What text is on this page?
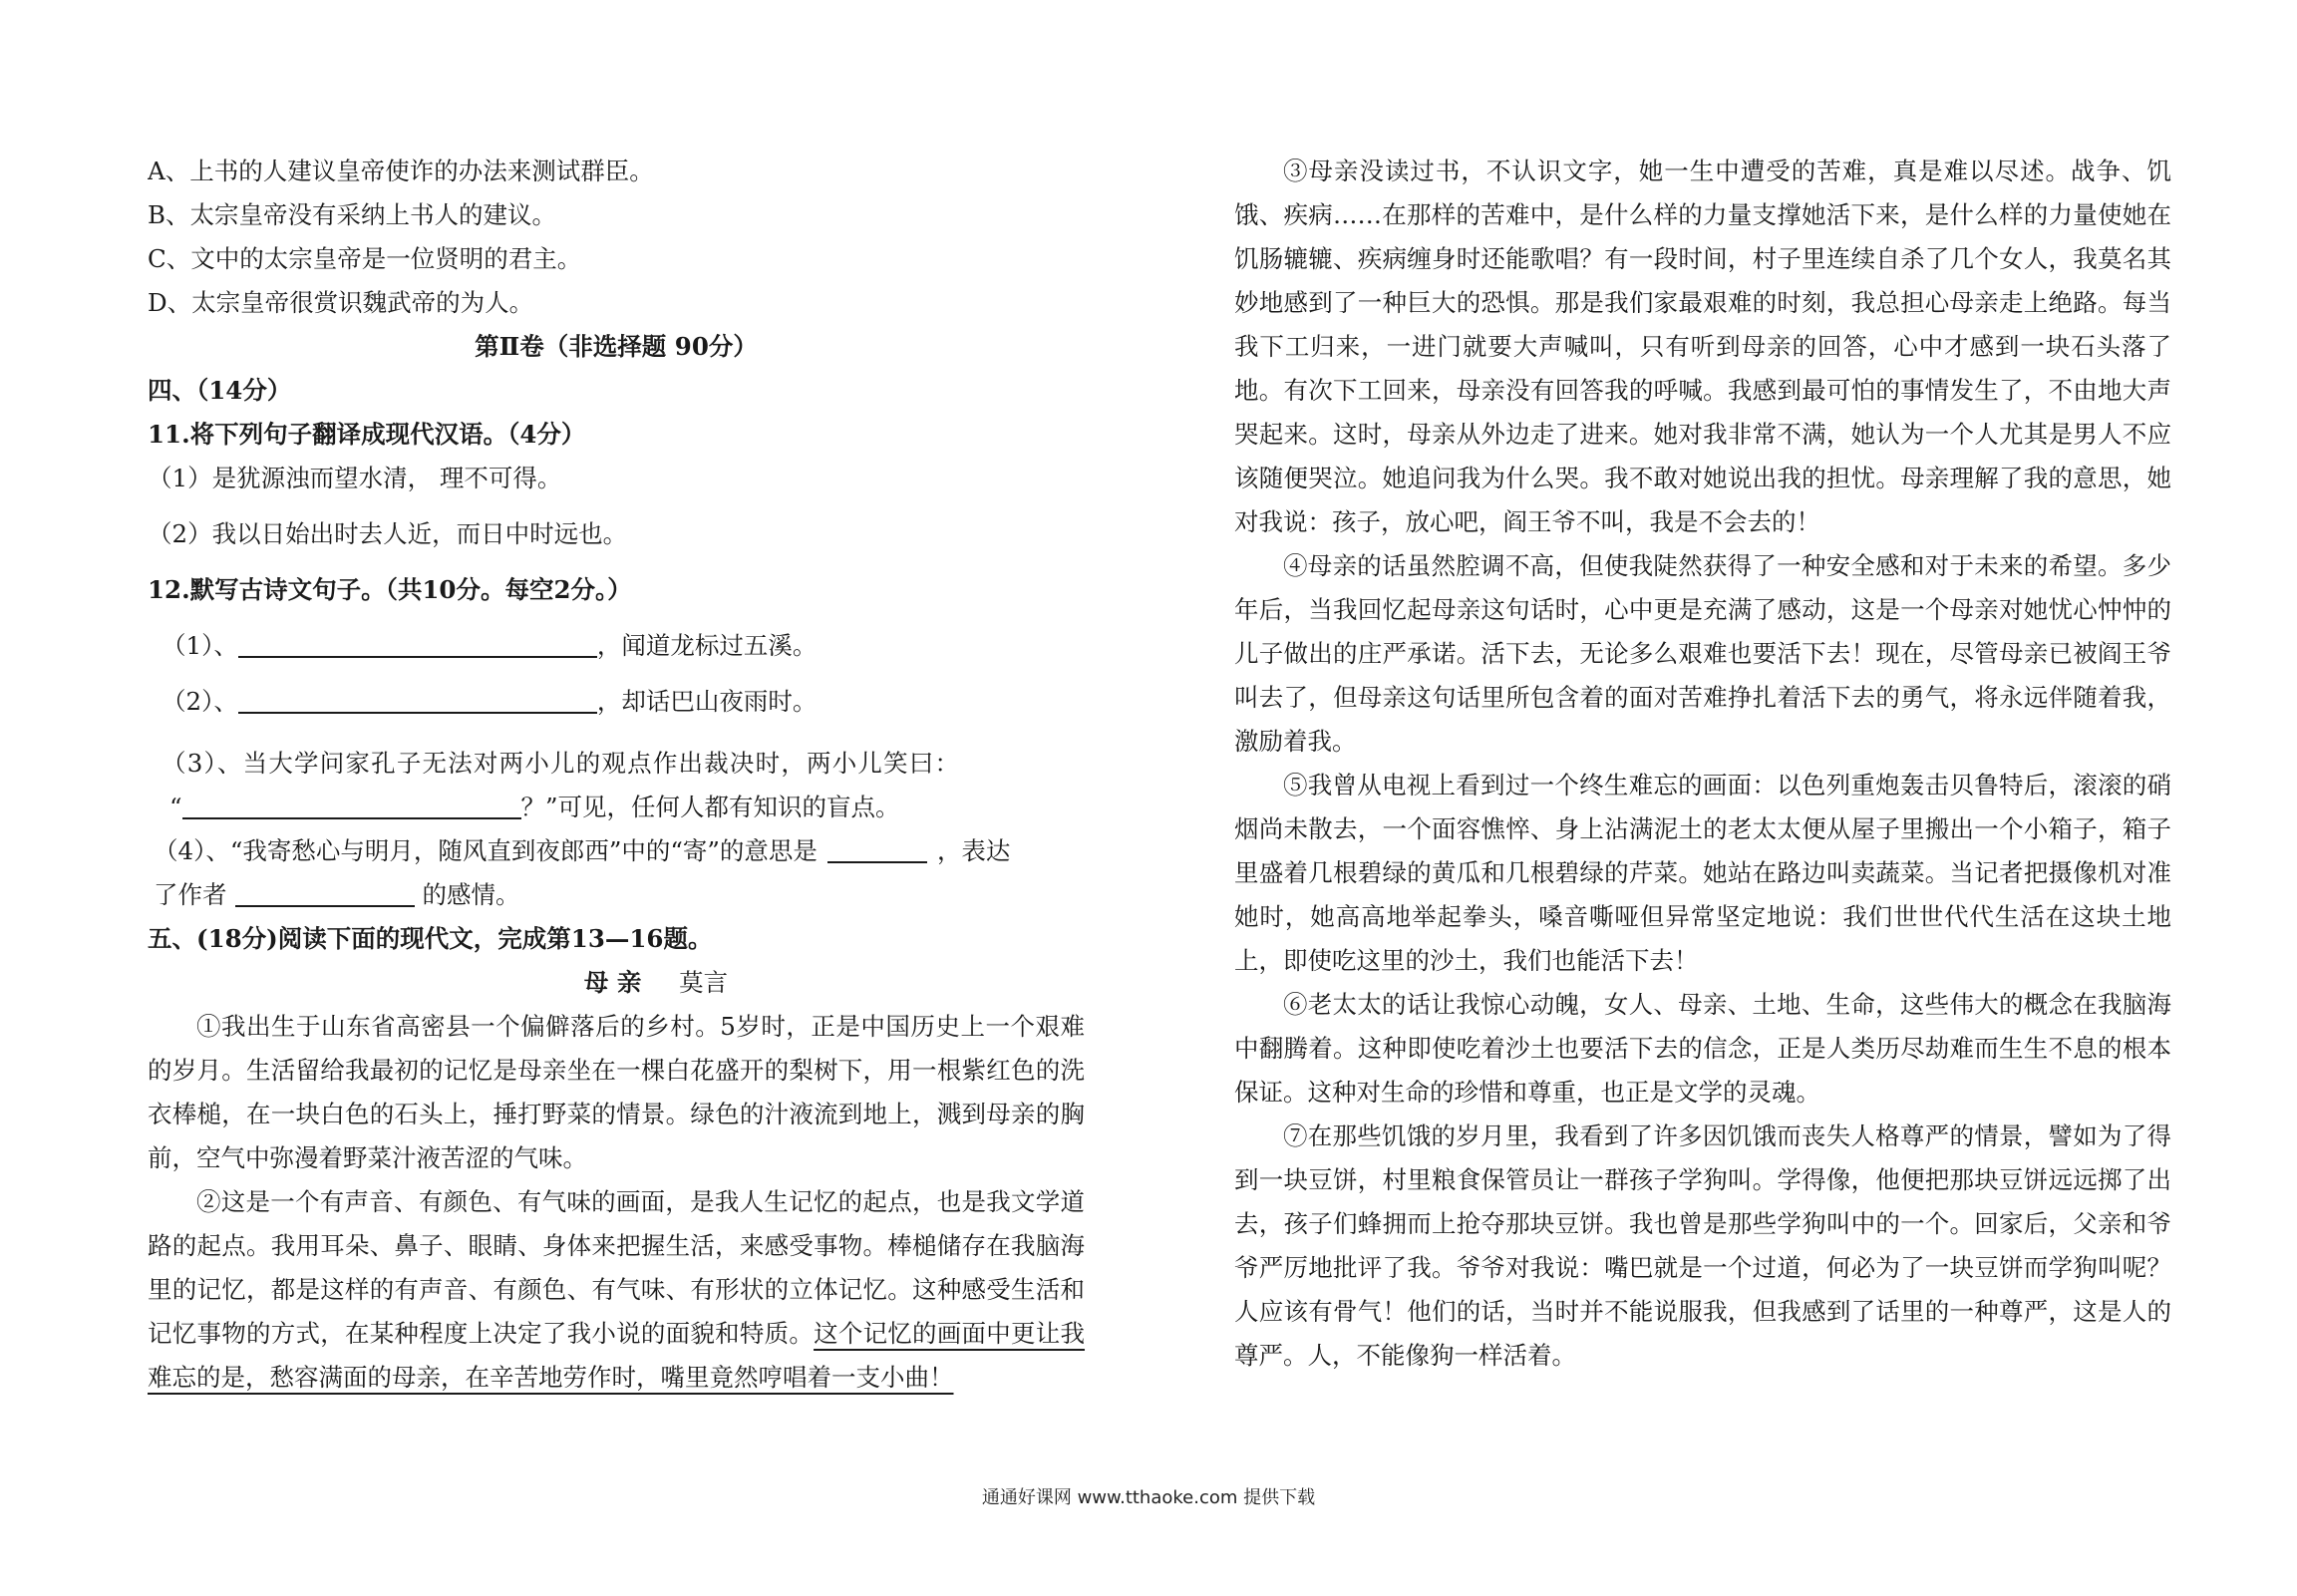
A、上书的人建议皇帝使诈的办法来测试群臣。
B、太宗皇帝没有采纳上书人的建议。
C、文中的太宗皇帝是一位贤明的君主。
D、太宗皇帝很赏识魏武帝的为人。
第Ⅱ卷（非选择题 90分）
四、（14分）
11.将下列句子翻译成现代汉语。（4分）
（1）是犹源浊而望水清， 理不可得。
（2）我以日始出时去人近，而日中时远也。
12.默写古诗文句子。（共10分。每空2分。）
（1）、	，闻道龙标过五溪。
（2）、	，却话巴山夜雨时。
（3）、当大学问家孔子无法对两小儿的观点作出裁决时，两小儿笑曰：
“	？”可见，任何人都有知识的盲点。
（4）、“我寄愁心与明月，随风直到夜郎西”中的“寄”的意思是	，表达
了作者	的感情。
五、(18分)阅读下面的现代文，完成第13—16题。
母 亲 莫言
①我出生于山东省高密县一个偏僻落后的乡村。5岁时，正是中国历史上一个艰难的岁月。生活留给我最初的记忆是母亲坐在一棵白花盛开的梨树下，用一根紫红色的洗衣棒槌，在一块白色的石头上，捶打野菜的情景。绿色的汁液流到地上，溅到母亲的胸前，空气中弥漫着野菜汁液苦涩的气味。
②这是一个有声音、有颜色、有气味的画面，是我人生记忆的起点，也是我文学道路的起点。我用耳朵、鼻子、眼睛、身体来把握生活，来感受事物。棒槌储存在我脑海里的记忆，都是这样的有声音、有颜色、有气味、有形状的立体记忆。这种感受生活和记忆事物的方式，在某种程度上决定了我小说的面貌和特质。这个记忆的画面中更让我难忘的是，愁容满面的母亲，在辛苦地劳作时，嘴里竟然哼唱着一支小曲！
③母亲没读过书，不认识文字，她一生中遭受的苦难，真是难以尽述。战争、饥饿、疾病……在那样的苦难中，是什么样的力量支撑她活下来，是什么样的力量使她在饥肠辘辘、疾病缠身时还能歌唱？有一段时间，村子里连续自杀了几个女人，我莫名其妙地感到了一种巨大的恐惧。那是我们家最艰难的时刻，我总担心母亲走上绝路。每当我下工归来，一进门就要大声喊叫，只有听到母亲的回答，心中才感到一块石头落了地。有次下工回来，母亲没有回答我的呼喊。我感到最可怕的事情发生了，不由地大声哭起来。这时，母亲从外边走了进来。她对我非常不满，她认为一个人尤其是男人不应该随便哭泣。她追问我为什么哭。我不敢对她说出我的担忧。母亲理解了我的意思，她对我说：孩子，放心吧，阎王爷不叫，我是不会去的！
④母亲的话虽然腔调不高，但使我陡然获得了一种安全感和对于未来的希望。多少年后，当我回忆起母亲这句话时，心中更是充满了感动，这是一个母亲对她忧心忡忡的儿子做出的庄严承诺。活下去，无论多么艰难也要活下去！现在，尽管母亲已被阎王爷叫去了，但母亲这句话里所包含着的面对苦难挣扎着活下去的勇气，将永远伴随着我，激励着我。
⑤我曾从电视上看到过一个终生难忘的画面：以色列重炮轰击贝鲁特后，滚滚的硝烟尚未散去，一个面容憔悴、身上沾满泥土的老太太便从屋子里搬出一个小箱子，箱子里盛着几根碧绿的黄瓜和几根碧绿的芹菜。她站在路边叫卖蔬菜。当记者把摄像机对准她时，她高高地举起拳头，嗓音嘶哑但异常坚定地说：我们世世代代生活在这块土地上，即使吃这里的沙土，我们也能活下去！
⑥老太太的话让我惊心动魄，女人、母亲、土地、生命，这些伟大的概念在我脑海中翻腾着。这种即使吃着沙土也要活下去的信念，正是人类历尽劫难而生生不息的根本保证。这种对生命的珍惜和尊重，也正是文学的灵魂。
⑦在那些饥饿的岁月里，我看到了许多因饥饿而丧失人格尊严的情景，譬如为了得到一块豆饼，村里粮食保管员让一群孩子学狗叫。学得像，他便把那块豆饼远远掷了出去，孩子们蜂拥而上抢夺那块豆饼。我也曾是那些学狗叫中的一个。回家后，父亲和爷爷严厉地批评了我。爷爷对我说：嘴巴就是一个过道，何必为了一块豆饼而学狗叫呢？人应该有骨气！他们的话，当时并不能说服我，但我感到了话里的一种尊严，这是人的尊严。人，不能像狗一样活着。
通通好课网 www.tthaoke.com 提供下载
